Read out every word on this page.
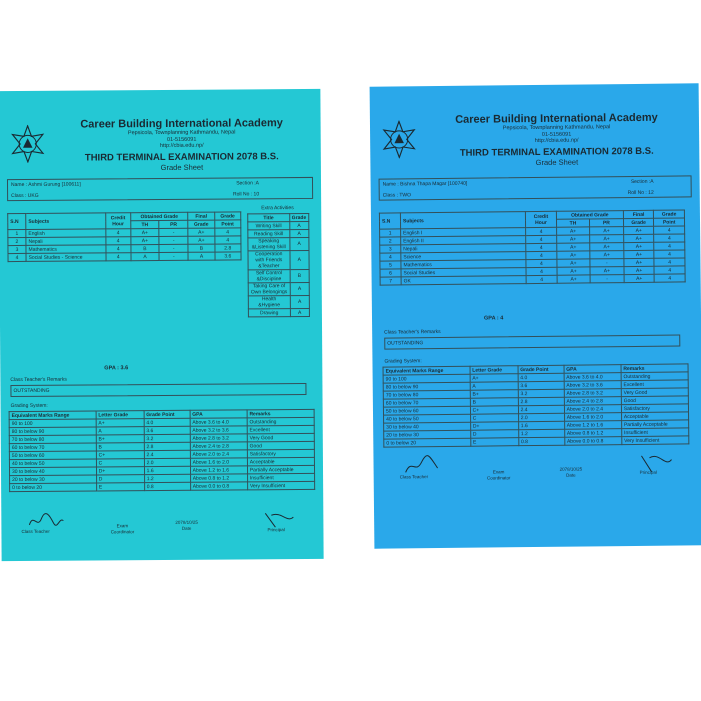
Career Building International Academy
Pepsicola, Townplanning Kathmandu, Nepal
01-5156091
http://cbia.edu.np/
THIRD TERMINAL EXAMINATION 2078 B.S.
Grade Sheet
Name : Ashmi Gurung [100611]	Section :A
Class : UKG	Roll No : 10
S.N	Subjects	Credit Hour	Obtained Grade		Final	Grade
			TH	PR	Grade	Point
1	English	4	A+	-	A+	4
2	Nepali	4	A+	-	A+	4
3	Mathematics	4	B	-	B	2.8
4	Social Studies - Science	4	A	-	A	3.6
Extra Activities
Title	Grade
Writing Skill	A
Reading Skill	A
Speaking &Listening Skill	A
Cooperation with Friends &Teacher	A
Self Control &Discipline	B
Taking Care of Own Belongings	A
Health &Hygiene	A
Drawing	A
GPA : 3.6
Class Teacher's Remarks
OUTSTANDING
Grading System:
Equivalent Marks Range	Letter Grade	Grade Point	GPA	Remarks
90 to 100	A+	4.0	Above 3.6 to 4.0	Outstanding
80 to below 90	A	3.6	Above 3.2 to 3.6	Excellent
70 to below 80	B+	3.2	Above 2.8 to 3.2	Very Good
60 to below 70	B	2.8	Above 2.4 to 2.8	Good
50 to below 60	C+	2.4	Above 2.0 to 2.4	Satisfactory
40 to below 50	C	2.0	Above 1.6 to 2.0	Acceptable
30 to below 40	D+	1.6	Above 1.2 to 1.6	Partially Acceptable
20 to below 30	D	1.2	Above 0.8 to 1.2	Insufficient
0 to below 20	E	0.8	Above 0.0 to 0.8	Very Insufficient
Class Teacher
Exam Coordinator
2078/10/25
Date	Principal
Career Building International Academy
Pepsicola, Townplanning Kathmandu, Nepal
01-5156091
http://cbia.edu.np/
THIRD TERMINAL EXAMINATION 2078 B.S.
Grade Sheet
Name : Bishna Thapa Magar [100740]	Section :A
Class : TWO	Roll No : 12
S.N	Subjects	Credit Hour	Obtained Grade		Final	Grade
			TH	PR	Grade	Point
1	English I	4	A+	A+	A+	4
2	English II	4	A+	A+	A+	4
3	Nepali	4	A+	A+	A+	4
4	Science	4	A+	A+	A+	4
5	Mathematics	4	A+	-	A+	4
6	Social Studies	4	A+	A+	A+	4
7	GK	4	A+	-	A+	4
GPA : 4
Class Teacher's Remarks
OUTSTANDING
Grading System:
Equivalent Marks Range	Letter Grade	Grade Point	GPA	Remarks
90 to 100	A+	4.0	Above 3.6 to 4.0	Outstanding
80 to below 90	A	3.6	Above 3.2 to 3.6	Excellent
70 to below 80	B+	3.2	Above 2.8 to 3.2	Very Good
60 to below 70	B	2.8	Above 2.4 to 2.8	Good
50 to below 60	C+	2.4	Above 2.0 to 2.4	Satisfactory
40 to below 50	C	2.0	Above 1.6 to 2.0	Acceptable
30 to below 40	D+	1.6	Above 1.2 to 1.6	Partially Acceptable
20 to below 30	D	1.2	Above 0.8 to 1.2	Insufficient
0 to below 20	E	0.8	Above 0.0 to 0.8	Very Insufficient
Class Teacher
Exam Coordinator
2078/10/25
Date
Principal
